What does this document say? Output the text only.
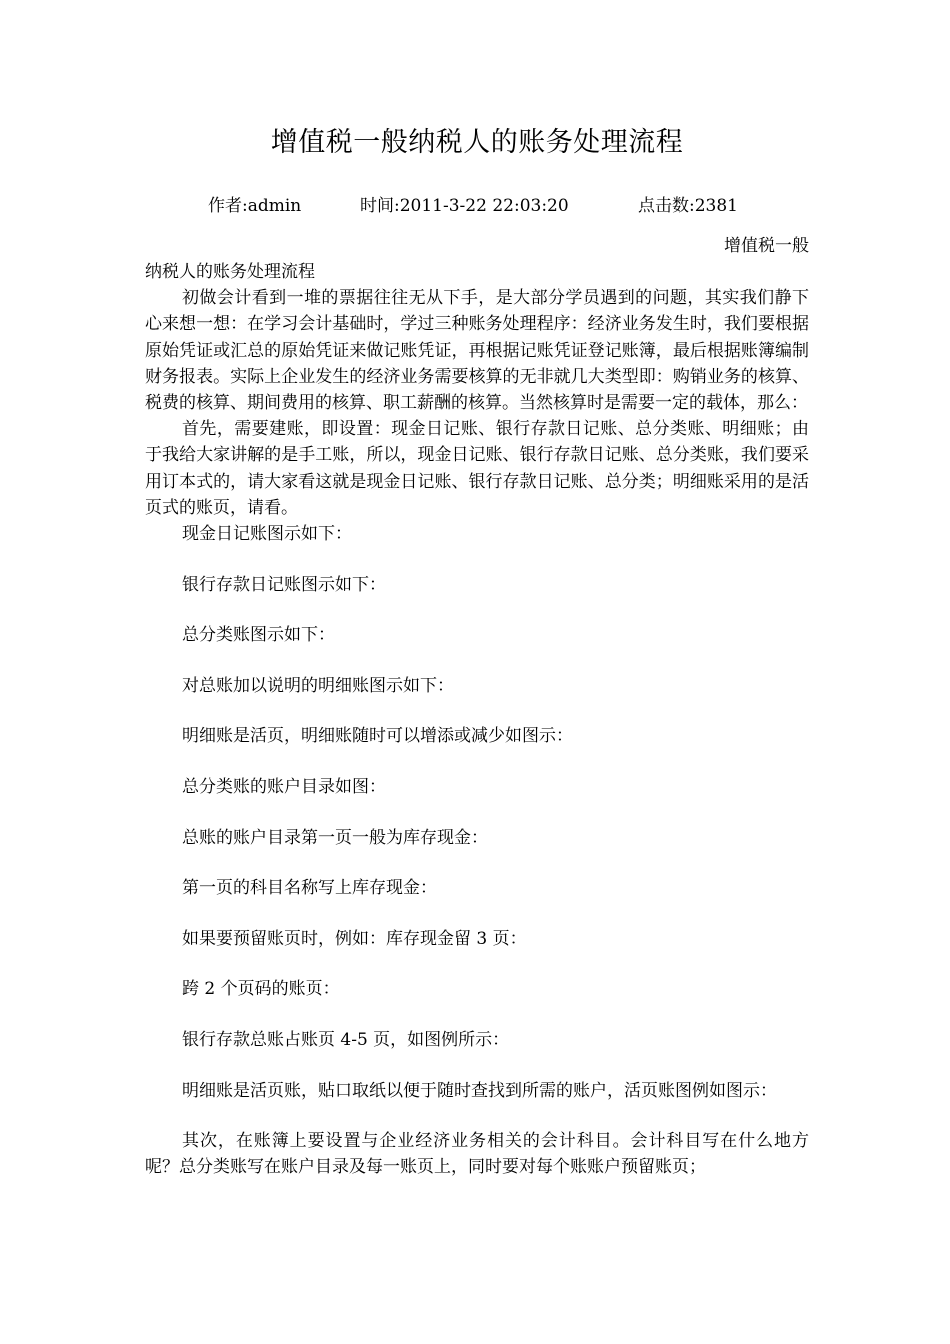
增值税一般纳税人的账务处理流程
作者:admin	时间:2011-3-22 22:03:20	点击数:2381
增值税一般

纳税人的账务处理流程

初做会计看到一堆的票据往往无从下手，是大部分学员遇到的问题，其实我们静下心来想一想：在学习会计基础时，学过三种账务处理程序：经济业务发生时，我们要根据原始凭证或汇总的原始凭证来做记账凭证，再根据记账凭证登记账簿，最后根据账簿编制财务报表。实际上企业发生的经济业务需要核算的无非就几大类型即：购销业务的核算、税费的核算、期间费用的核算、职工薪酬的核算。当然核算时是需要一定的载体，那么：

首先，需要建账，即设置：现金日记账、银行存款日记账、总分类账、明细账；由于我给大家讲解的是手工账，所以，现金日记账、银行存款日记账、总分类账，我们要采用订本式的，请大家看这就是现金日记账、银行存款日记账、总分类；明细账采用的是活页式的账页，请看。

现金日记账图示如下：

银行存款日记账图示如下：

总分类账图示如下：

对总账加以说明的明细账图示如下：

明细账是活页，明细账随时可以增添或减少如图示：

总分类账的账户目录如图：

总账的账户目录第一页一般为库存现金：

第一页的科目名称写上库存现金：

如果要预留账页时，例如：库存现金留 3 页：

跨 2 个页码的账页：

银行存款总账占账页 4-5 页，如图例所示：

明细账是活页账，贴口取纸以便于随时查找到所需的账户，活页账图例如图示：

其次，在账簿上要设置与企业经济业务相关的会计科目。会计科目写在什么地方呢？总分类账写在账户目录及每一账页上，同时要对每个账账户预留账页；
